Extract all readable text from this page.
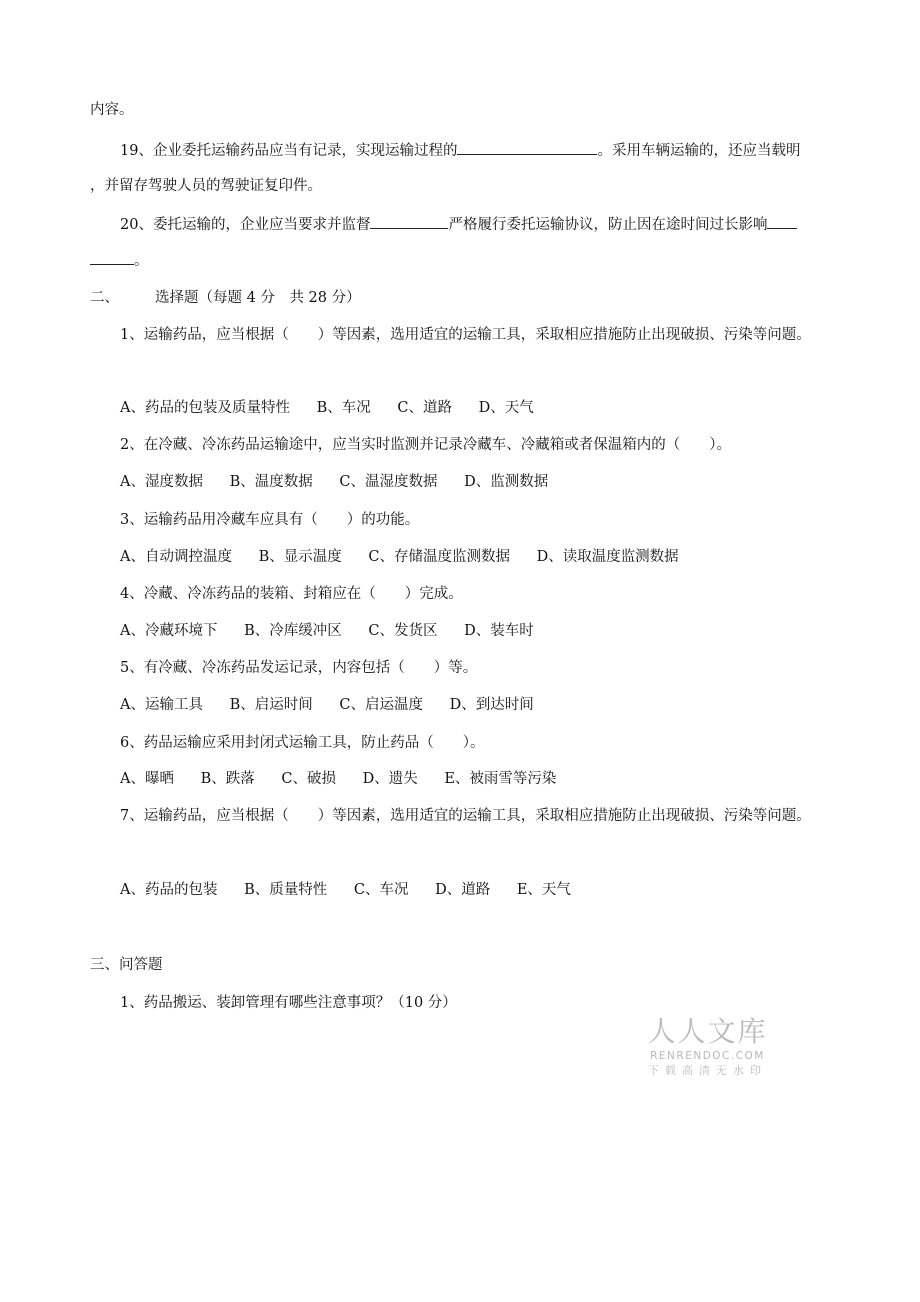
内容。
19、企业委托运输药品应当有记录，实现运输过程的	。采用车辆运输的，还应当载明
，并留存驾驶人员的驾驶证复印件。
20、委托运输的，企业应当要求并监督	严格履行委托运输协议，防止因在途时间过长影响
。
二、 选择题（每题 4 分　共 28 分）
1、运输药品，应当根据（　　）等因素，选用适宜的运输工具，采取相应措施防止出现破损、污染等问题。
A、药品的包装及质量特性 B、车况 C、道路 D、天气
2、在冷藏、冷冻药品运输途中，应当实时监测并记录冷藏车、冷藏箱或者保温箱内的（　　）。
A、湿度数据 B、温度数据 C、温湿度数据 D、监测数据
3、运输药品用冷藏车应具有（　　）的功能。
A、自动调控温度 B、显示温度 C、存储温度监测数据 D、读取温度监测数据
4、冷藏、冷冻药品的装箱、封箱应在（　　）完成。
A、冷藏环境下 B、冷库缓冲区 C、发货区 D、装车时
5、有冷藏、冷冻药品发运记录，内容包括（　　）等。
A、运输工具 B、启运时间 C、启运温度 D、到达时间
6、药品运输应采用封闭式运输工具，防止药品（　　）。
A、曝晒 B、跌落 C、破损 D、遗失 E、被雨雪等污染
7、运输药品，应当根据（　　）等因素，选用适宜的运输工具，采取相应措施防止出现破损、污染等问题。
A、药品的包装 B、质量特性 C、车况 D、道路 E、天气
三、问答题
1、药品搬运、装卸管理有哪些注意事项？（10 分）
人人文库
RENRENDOC.COM
下载高清无水印
